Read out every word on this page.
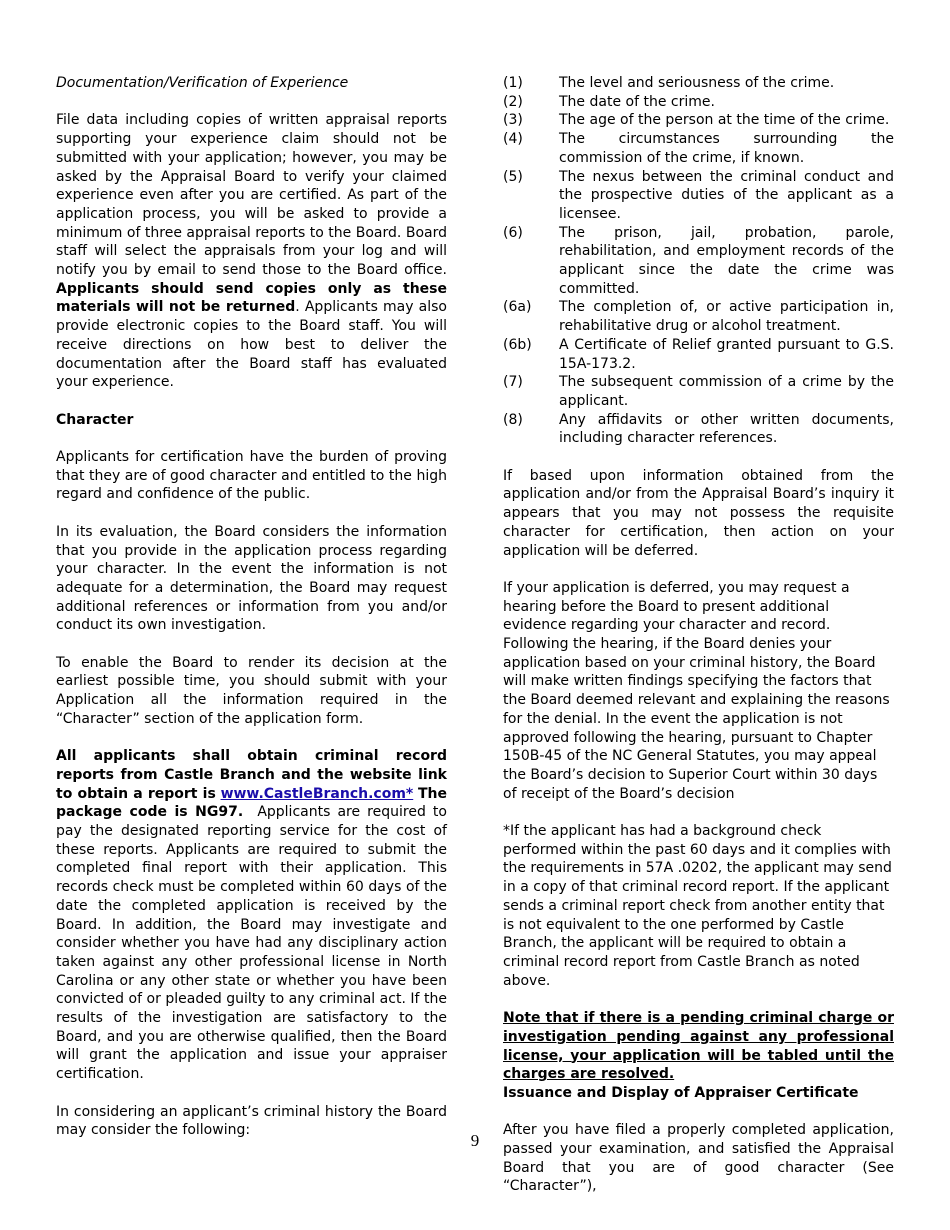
Documentation/Verification of Experience

File data including copies of written appraisal reports supporting your experience claim should not be submitted with your application; however, you may be asked by the Appraisal Board to verify your claimed experience even after you are certified. As part of the application process, you will be asked to provide a minimum of three appraisal reports to the Board. Board staff will select the appraisals from your log and will notify you by email to send those to the Board office. Applicants should send copies only as these materials will not be returned. Applicants may also provide electronic copies to the Board staff. You will receive directions on how best to deliver the documentation after the Board staff has evaluated your experience.

Character

Applicants for certification have the burden of proving that they are of good character and entitled to the high regard and confidence of the public.

In its evaluation, the Board considers the information that you provide in the application process regarding your character. In the event the information is not adequate for a determination, the Board may request additional references or information from you and/or conduct its own investigation.

To enable the Board to render its decision at the earliest possible time, you should submit with your Application all the information required in the “Character” section of the application form.

All applicants shall obtain criminal record reports from Castle Branch and the website link to obtain a report is www.CastleBranch.com* The package code is NG97. Applicants are required to pay the designated reporting service for the cost of these reports. Applicants are required to submit the completed final report with their application. This records check must be completed within 60 days of the date the completed application is received by the Board. In addition, the Board may investigate and consider whether you have had any disciplinary action taken against any other professional license in North Carolina or any other state or whether you have been convicted of or pleaded guilty to any criminal act. If the results of the investigation are satisfactory to the Board, and you are otherwise qualified, then the Board will grant the application and issue your appraiser certification.

In considering an applicant’s criminal history the Board may consider the following:

(1)	The level and seriousness of the crime.
(2)	The date of the crime.
(3)	The age of the person at the time of the crime.
(4)	The circumstances surrounding the commission of the crime, if known.
(5)	The nexus between the criminal conduct and the prospective duties of the applicant as a licensee.
(6)	The prison, jail, probation, parole, rehabilitation, and employment records of the applicant since the date the crime was committed.
(6a)	The completion of, or active participation in, rehabilitative drug or alcohol treatment.
(6b)	A Certificate of Relief granted pursuant to G.S. 15A-173.2.
(7)	The subsequent commission of a crime by the applicant.
(8)	Any affidavits or other written documents, including character references.

If based upon information obtained from the application and/or from the Appraisal Board’s inquiry it appears that you may not possess the requisite character for certification, then action on your application will be deferred.

If your application is deferred, you may request a hearing before the Board to present additional evidence regarding your character and record. Following the hearing, if the Board denies your application based on your criminal history, the Board will make written findings specifying the factors that the Board deemed relevant and explaining the reasons for the denial. In the event the application is not approved following the hearing, pursuant to Chapter 150B-45 of the NC General Statutes, you may appeal the Board’s decision to Superior Court within 30 days of receipt of the Board’s decision

*If the applicant has had a background check performed within the past 60 days and it complies with the requirements in 57A .0202, the applicant may send in a copy of that criminal record report. If the applicant sends a criminal report check from another entity that is not equivalent to the one performed by Castle Branch, the applicant will be required to obtain a criminal record report from Castle Branch as noted above.

Note that if there is a pending criminal charge or investigation pending against any professional license, your application will be tabled until the charges are resolved.

Issuance and Display of Appraiser Certificate

After you have filed a properly completed application, passed your examination, and satisfied the Appraisal Board that you are of good character (See “Character”),

9
